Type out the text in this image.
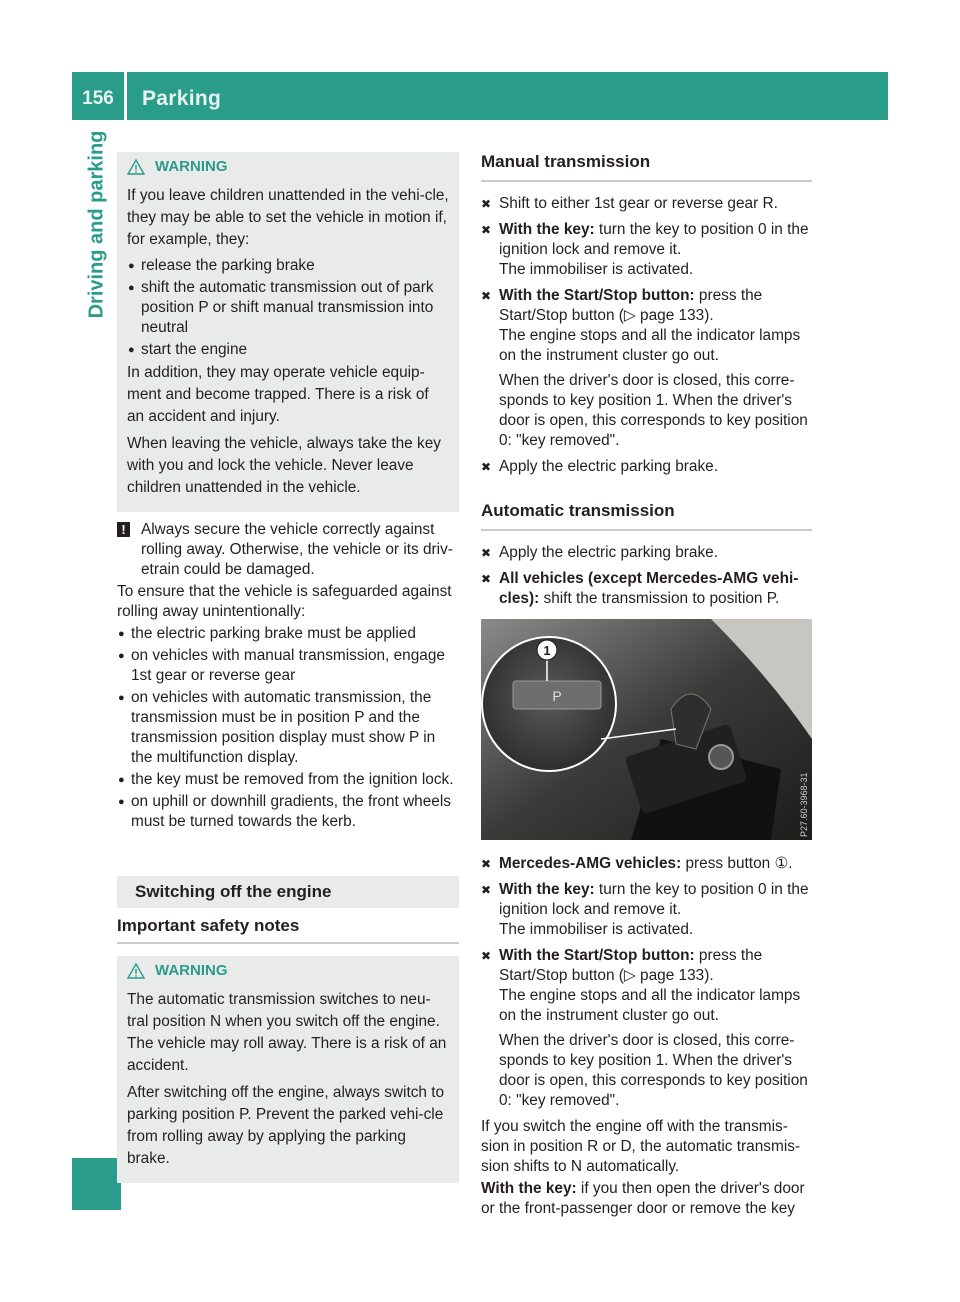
156	Parking
Driving and parking	WARNING

If you leave children unattended in the vehi-cle, they may be able to set the vehicle in motion if, for example, they:

● release the parking brake
● shift the automatic transmission out of park position P or shift manual transmission into neutral
● start the engine

In addition, they may operate vehicle equip-ment and become trapped. There is a risk of an accident and injury.

When leaving the vehicle, always take the key with you and lock the vehicle. Never leave children unattended in the vehicle.

! Always secure the vehicle correctly against rolling away. Otherwise, the vehicle or its driv-etrain could be damaged.

To ensure that the vehicle is safeguarded against rolling away unintentionally:

● the electric parking brake must be applied
● on vehicles with manual transmission, engage 1st gear or reverse gear
● on vehicles with automatic transmission, the transmission must be in position P and the transmission position display must show P in the multifunction display.
● the key must be removed from the ignition lock.
● on uphill or downhill gradients, the front wheels must be turned towards the kerb.
Switching off the engine
Important safety notes
WARNING

The automatic transmission switches to neu-tral position N when you switch off the engine. The vehicle may roll away. There is a risk of an accident.

After switching off the engine, always switch to parking position P. Prevent the parked vehi-cle from rolling away by applying the parking brake.

Manual transmission
✖ Shift to either 1st gear or reverse gear R.
✖ With the key: turn the key to position 0 in the ignition lock and remove it.
The immobiliser is activated.
✖ With the Start/Stop button: press the Start/Stop button (▷ page 133).
The engine stops and all the indicator lamps on the instrument cluster go out.
When the driver's door is closed, this corre-sponds to key position 1. When the driver's door is open, this corresponds to key position 0: "key removed".
✖ Apply the electric parking brake.
Automatic transmission
✖ Apply the electric parking brake.
✖ All vehicles (except Mercedes-AMG vehi-cles): shift the transmission to position P.
P
1
P27.60-3968-31
✖ Mercedes-AMG vehicles: press button ①.
✖ With the key: turn the key to position 0 in the ignition lock and remove it.
The immobiliser is activated.
✖ With the Start/Stop button: press the Start/Stop button (▷ page 133).
The engine stops and all the indicator lamps on the instrument cluster go out.
When the driver's door is closed, this corre-sponds to key position 1. When the driver's door is open, this corresponds to key position 0: "key removed".

If you switch the engine off with the transmis-sion in position R or D, the automatic transmis-sion shifts to N automatically.

With the key: if you then open the driver's door or the front-passenger door or remove the key
